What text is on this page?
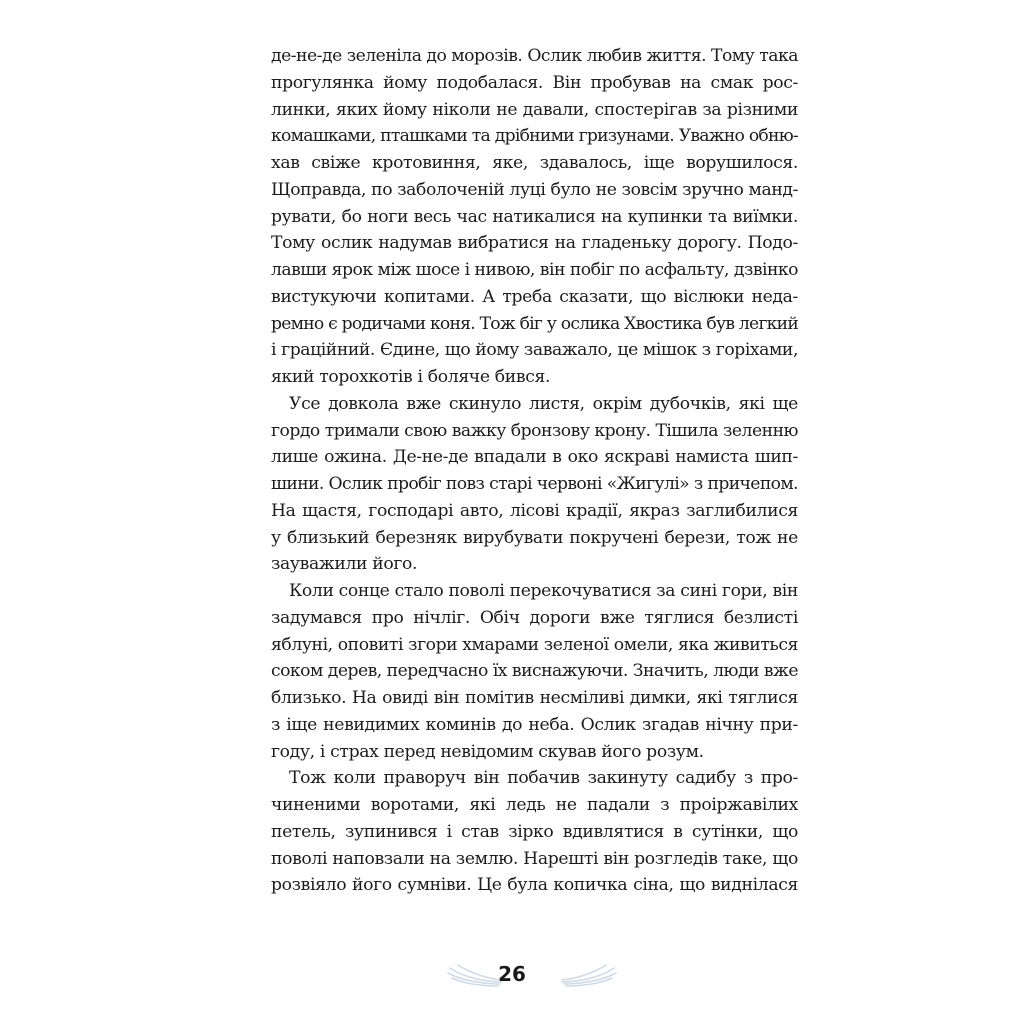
де-не-де зеленіла до морозів. Ослик любив життя. Тому така
прогулянка йому подобалася. Він пробував на смак рос-
линки, яких йому ніколи не давали, спостерігав за різними
комашками, пташками та дрібними гризунами. Уважно обню-
хав свіже кротовиння, яке, здавалось, іще ворушилося.
Щоправда, по заболоченій луці було не зовсім зручно манд-
рувати, бо ноги весь час натикалися на купинки та виїмки.
Тому ослик надумав вибратися на гладеньку дорогу. Подо-
лавши ярок між шосе і нивою, він побіг по асфальту, дзвінко
вистукуючи копитами. А треба сказати, що віслюки неда-
ремно є родичами коня. Тож біг у ослика Хвостика був легкий
і граційний. Єдине, що йому заважало, це мішок з горіхами,
який торохкотів і боляче бився.
Усе довкола вже скинуло листя, окрім дубочків, які ще
гордо тримали свою важку бронзову крону. Тішила зеленню
лише ожина. Де-не-де впадали в око яскраві намиста шип-
шини. Ослик пробіг повз старі червоні «Жигулі» з причепом.
На щастя, господарі авто, лісові крадії, якраз заглибилися
у близький березняк вирубувати покручені берези, тож не
зауважили його.
Коли сонце стало поволі перекочуватися за сині гори, він
задумався про нічліг. Обіч дороги вже тяглися безлисті
яблуні, оповиті згори хмарами зеленої омели, яка живиться
соком дерев, передчасно їх виснажуючи. Значить, люди вже
близько. На овиді він помітив несміливі димки, які тяглися
з іще невидимих коминів до неба. Ослик згадав нічну при-
году, і страх перед невідомим скував його розум.
Тож коли праворуч він побачив закинуту садибу з про-
чиненими воротами, які ледь не падали з проіржавілих
петель, зупинився і став зірко вдивлятися в сутінки, що
поволі наповзали на землю. Нарешті він розгледів таке, що
розвіяло його сумніви. Це була копичка сіна, що виднілася
26
